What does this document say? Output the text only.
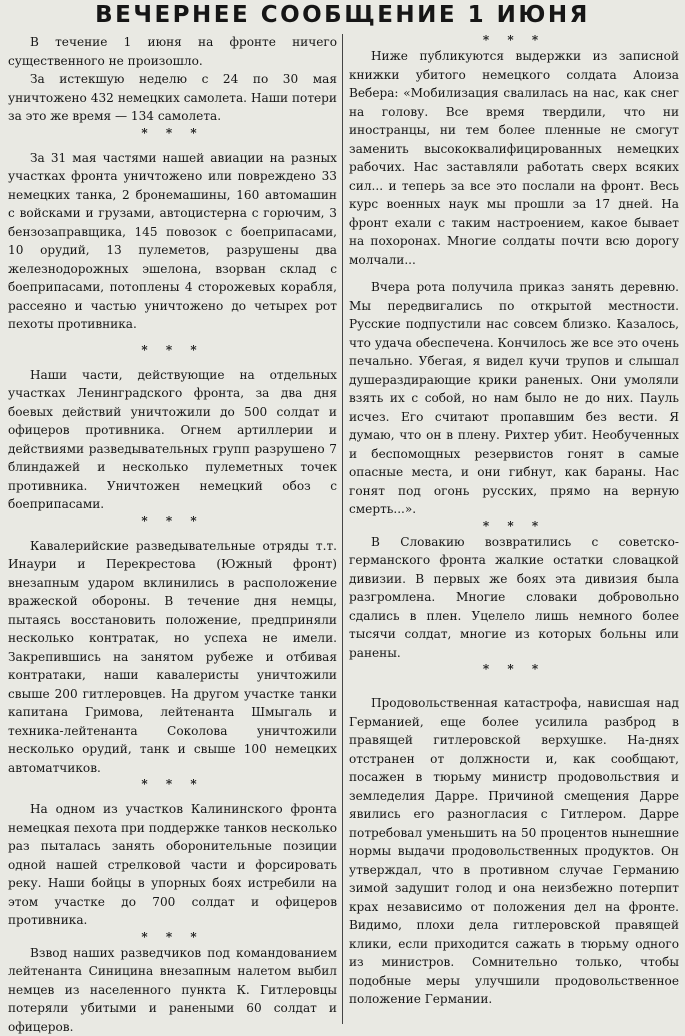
ВЕЧЕРНЕЕ СООБЩЕНИЕ 1 ИЮНЯ

В течение 1 июня на фронте ничего существенного не произошло.

За истекшую неделю с 24 по 30 мая уничтожено 432 немецких самолета. Наши потери за это же время — 134 самолета.

* * *

За 31 мая частями нашей авиации на разных участках фронта уничтожено или повреждено 33 немецких танка, 2 бронемашины, 160 автомашин с войсками и грузами, автоцистерна с горючим, 3 бензозаправщика, 145 повозок с боеприпасами, 10 орудий, 13 пулеметов, разрушены два железнодорожных эшелона, взорван склад с боеприпасами, потоплены 4 сторожевых корабля, рассеяно и частью уничтожено до четырех рот пехоты противника.

* * *

Наши части, действующие на отдельных участках Ленинградского фронта, за два дня боевых действий уничтожили до 500 солдат и офицеров противника. Огнем артиллерии и действиями разведывательных групп разрушено 7 блиндажей и несколько пулеметных точек противника. Уничтожен немецкий обоз с боеприпасами.

* * *

Кавалерийские разведывательные отряды т.т. Инаури и Перекрестова (Южный фронт) внезапным ударом вклинились в расположение вражеской обороны. В течение дня немцы, пытаясь восстановить положение, предприняли несколько контратак, но успеха не имели. Закрепившись на занятом рубеже и отбивая контратаки, наши кавалеристы уничтожили свыше 200 гитлеровцев. На другом участке танки капитана Гримова, лейтенанта Шмыгаль и техника-лейтенанта Соколова уничтожили несколько орудий, танк и свыше 100 немецких автоматчиков.

* * *

На одном из участков Калининского фронта немецкая пехота при поддержке танков несколько раз пыталась занять оборонительные позиции одной нашей стрелковой части и форсировать реку. Наши бойцы в упорных боях истребили на этом участке до 700 солдат и офицеров противника.

* * *

Взвод наших разведчиков под командованием лейтенанта Синицина внезапным налетом выбил немцев из населенного пункта К. Гитлеровцы потеряли убитыми и ранеными 60 солдат и офицеров.

* * *

Ниже публикуются выдержки из записной книжки убитого немецкого солдата Алоиза Вебера: «Мобилизация свалилась на нас, как снег на голову. Все время твердили, что ни иностранцы, ни тем более пленные не смогут заменить высококвалифицированных немецких рабочих. Нас заставляли работать сверх всяких сил... и теперь за все это послали на фронт. Весь курс военных наук мы прошли за 17 дней. На фронт ехали с таким настроением, какое бывает на похоронах. Многие солдаты почти всю дорогу молчали...

Вчера рота получила приказ занять деревню. Мы передвигались по открытой местности. Русские подпустили нас совсем близко. Казалось, что удача обеспечена. Кончилось же все это очень печально. Убегая, я видел кучи трупов и слышал душераздирающие крики раненых. Они умоляли взять их с собой, но нам было не до них. Пауль исчез. Его считают пропавшим без вести. Я думаю, что он в плену. Рихтер убит. Необученных и беспомощных резервистов гонят в самые опасные места, и они гибнут, как бараны. Нас гонят под огонь русских, прямо на верную смерть...».

* * *

В Словакию возвратились с советско-германского фронта жалкие остатки словацкой дивизии. В первых же боях эта дивизия была разгромлена. Многие словаки добровольно сдались в плен. Уцелело лишь немного более тысячи солдат, многие из которых больны или ранены.

* * *

Продовольственная катастрофа, нависшая над Германией, еще более усилила разброд в правящей гитлеровской верхушке. На-днях отстранен от должности и, как сообщают, посажен в тюрьму министр продовольствия и земледелия Дарре. Причиной смещения Дарре явились его разногласия с Гитлером. Дарре потребовал уменьшить на 50 процентов нынешние нормы выдачи продовольственных продуктов. Он утверждал, что в противном случае Германию зимой задушит голод и она неизбежно потерпит крах независимо от положения дел на фронте. Видимо, плохи дела гитлеровской правящей клики, если приходится сажать в тюрьму одного из министров. Сомнительно только, чтобы подобные меры улучшили продовольственное положение Германии.
